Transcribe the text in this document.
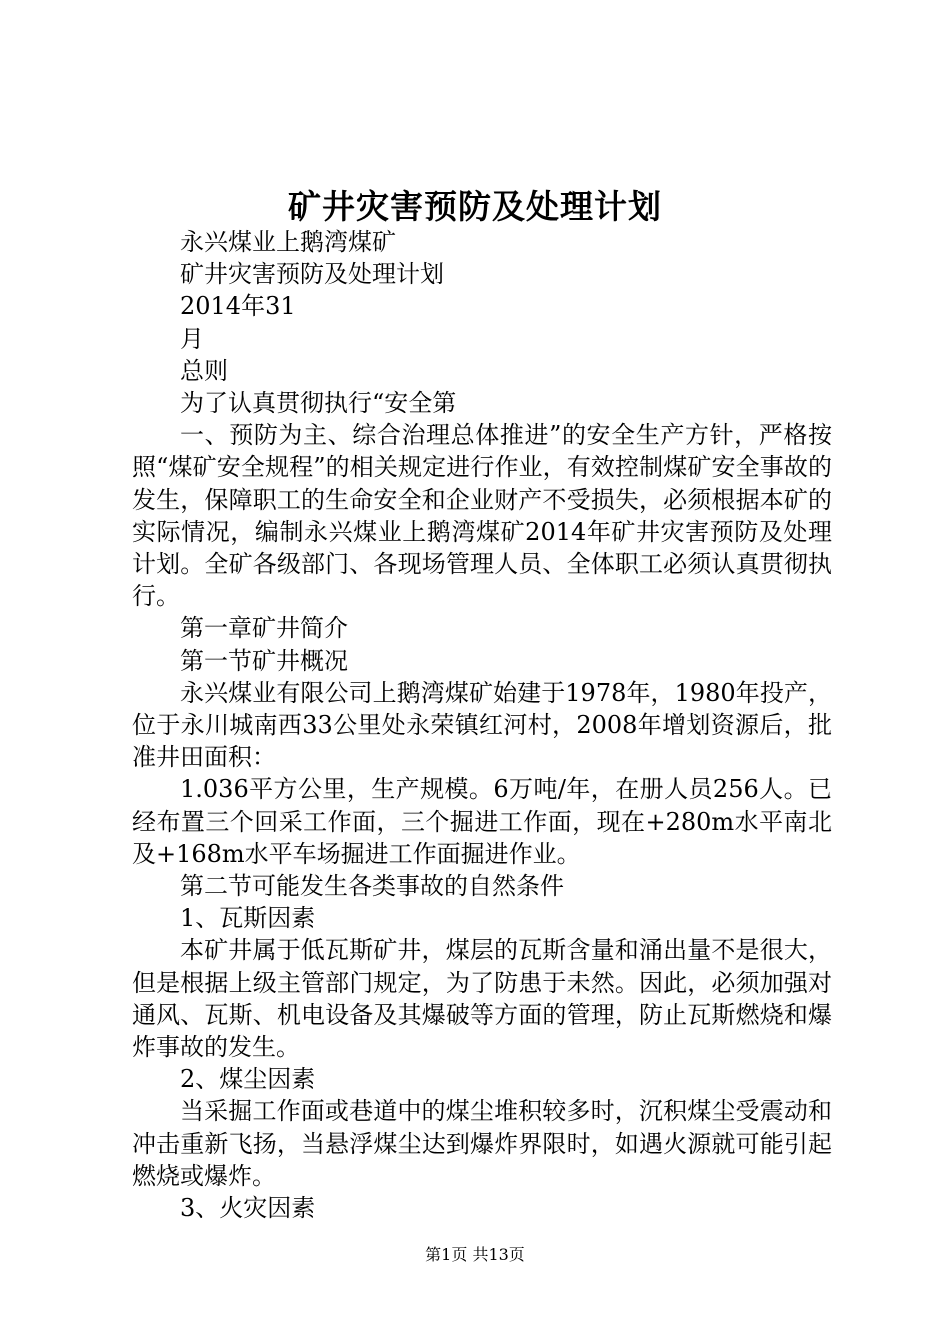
矿井灾害预防及处理计划

永兴煤业上鹅湾煤矿

矿井灾害预防及处理计划

2014年31

月

总则

为了认真贯彻执行“安全第

一、预防为主、综合治理总体推进”的安全生产方针，严格按照“煤矿安全规程”的相关规定进行作业，有效控制煤矿安全事故的发生，保障职工的生命安全和企业财产不受损失，必须根据本矿的实际情况，编制永兴煤业上鹅湾煤矿2014年矿井灾害预防及处理计划。全矿各级部门、各现场管理人员、全体职工必须认真贯彻执行。

第一章矿井简介

第一节矿井概况

永兴煤业有限公司上鹅湾煤矿始建于1978年，1980年投产，位于永川城南西33公里处永荣镇红河村，2008年增划资源后，批准井田面积：

1.036平方公里，生产规模。6万吨/年，在册人员256人。已经布置三个回采工作面，三个掘进工作面，现在+280m水平南北及+168m水平车场掘进工作面掘进作业。

第二节可能发生各类事故的自然条件

1、瓦斯因素

本矿井属于低瓦斯矿井，煤层的瓦斯含量和涌出量不是很大，但是根据上级主管部门规定，为了防患于未然。因此，必须加强对通风、瓦斯、机电设备及其爆破等方面的管理，防止瓦斯燃烧和爆炸事故的发生。

2、煤尘因素

当采掘工作面或巷道中的煤尘堆积较多时，沉积煤尘受震动和冲击重新飞扬，当悬浮煤尘达到爆炸界限时，如遇火源就可能引起燃烧或爆炸。

3、火灾因素

第1页 共13页
